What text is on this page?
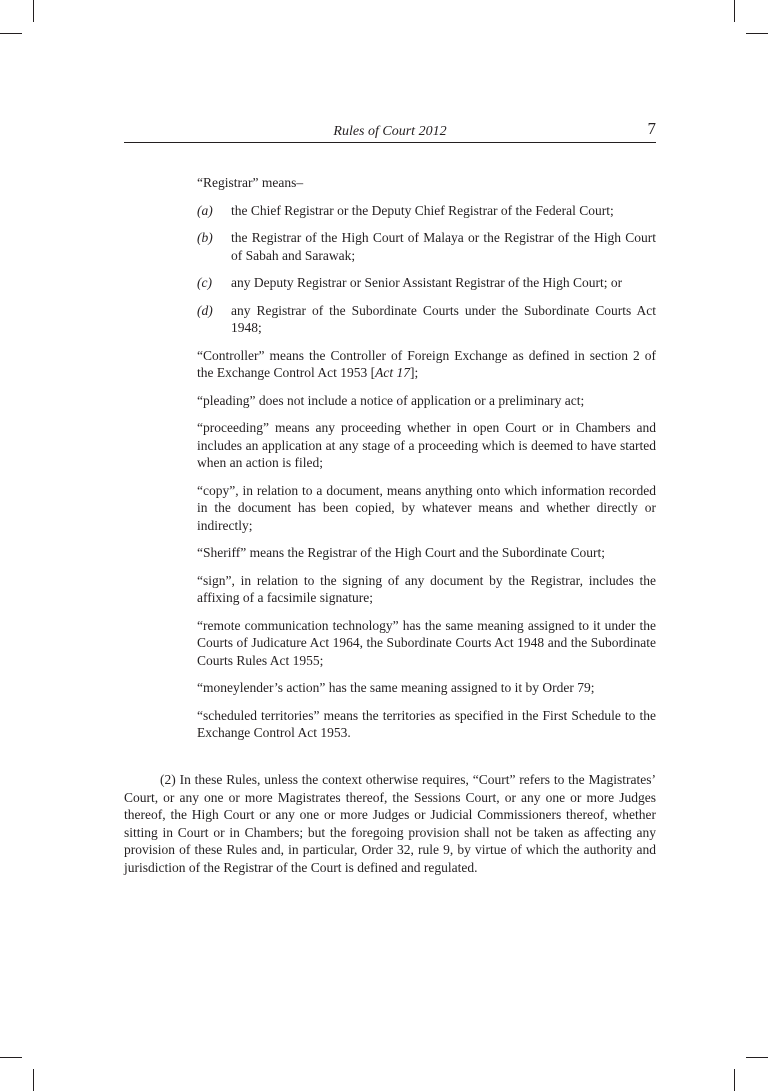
Rules of Court 2012	7

“Registrar” means–

(a)	the Chief Registrar or the Deputy Chief Registrar of the Federal Court;
(b)	the Registrar of the High Court of Malaya or the Registrar of the High Court of Sabah and Sarawak;
(c)	any Deputy Registrar or Senior Assistant Registrar of the High Court; or
(d)	any Registrar of the Subordinate Courts under the Subordinate Courts Act 1948;

“Controller” means the Controller of Foreign Exchange as defined in section 2 of the Exchange Control Act 1953 [Act 17];

“pleading” does not include a notice of application or a preliminary act;

“proceeding” means any proceeding whether in open Court or in Chambers and includes an application at any stage of a proceeding which is deemed to have started when an action is filed;

“copy”, in relation to a document, means anything onto which information recorded in the document has been copied, by whatever means and whether directly or indirectly;

“Sheriff” means the Registrar of the High Court and the Subordinate Court;

“sign”, in relation to the signing of any document by the Registrar, includes the affixing of a facsimile signature;

“remote communication technology” has the same meaning assigned to it under the Courts of Judicature Act 1964, the Subordinate Courts Act 1948 and the Subordinate Courts Rules Act 1955;

“moneylender’s action” has the same meaning assigned to it by Order 79;

“scheduled territories” means the territories as specified in the First Schedule to the Exchange Control Act 1953.

(2) In these Rules, unless the context otherwise requires, “Court” refers to the Magistrates’ Court, or any one or more Magistrates thereof, the Sessions Court, or any one or more Judges thereof, the High Court or any one or more Judges or Judicial Commissioners thereof, whether sitting in Court or in Chambers; but the foregoing provision shall not be taken as affecting any provision of these Rules and, in particular, Order 32, rule 9, by virtue of which the authority and jurisdiction of the Registrar of the Court is defined and regulated.
